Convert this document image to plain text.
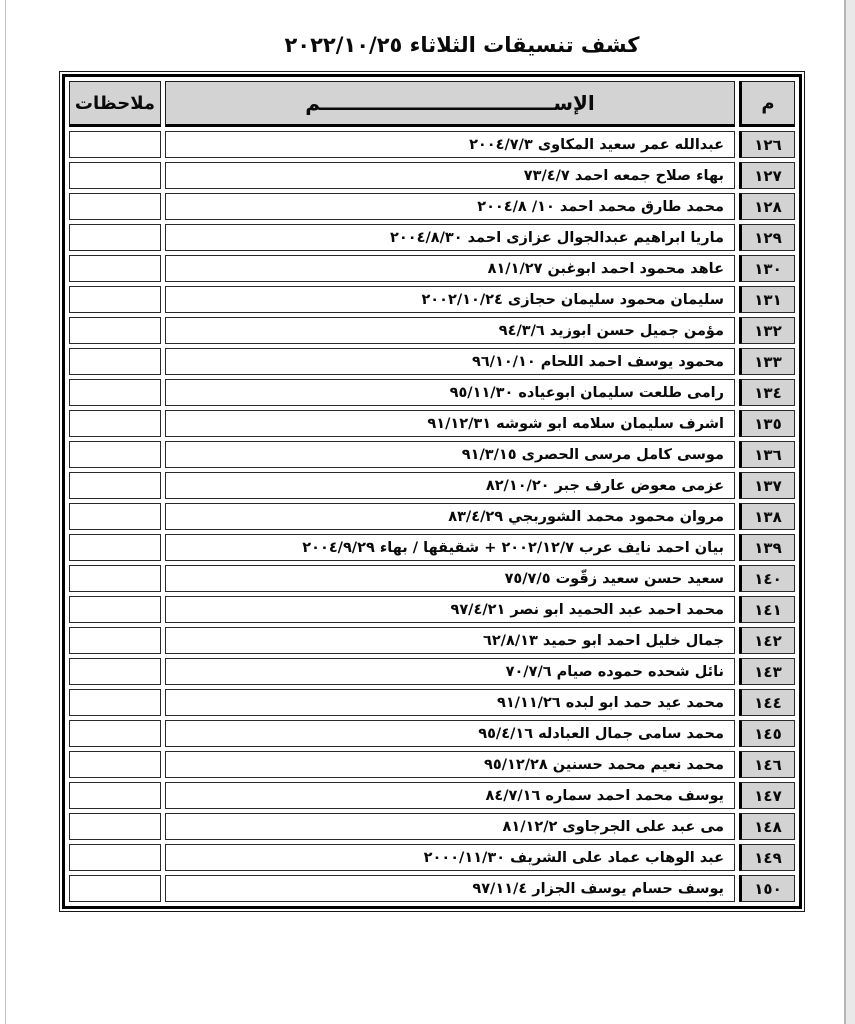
كشف تنسيقات الثلاثاء ٢٠٢٢/١٠/٢٥
م	الإســــــــــــــــــــــــــــــــــم	ملاحظات
١٢٦	عبدالله عمر سعيد المكاوى ٢٠٠٤/٧/٣	
١٢٧	بهاء صلاح جمعه احمد ٧٣/٤/٧	
١٢٨	محمد طارق محمد احمد ١٠/ ٢٠٠٤/٨	
١٢٩	ماريا ابراهيم عبدالجوال عزازى احمد ٢٠٠٤/٨/٣٠	
١٣٠	عاهد محمود احمد ابوغبن ٨١/١/٢٧	
١٣١	سليمان محمود سليمان حجازى ٢٠٠٢/١٠/٢٤	
١٣٢	مؤمن جميل حسن ابوزيد ٩٤/٣/٦	
١٣٣	محمود يوسف احمد اللحام ٩٦/١٠/١٠	
١٣٤	رامى طلعت سليمان ابوعياده ٩٥/١١/٣٠	
١٣٥	اشرف سليمان سلامه ابو شوشه ٩١/١٢/٣١	
١٣٦	موسى كامل مرسى الحصرى ٩١/٣/١٥	
١٣٧	عزمى معوض عارف جبر ٨٢/١٠/٢٠	
١٣٨	مروان محمود محمد الشوربجي ٨٣/٤/٢٩	
١٣٩	بيان احمد نايف عرب ٢٠٠٢/١٢/٧ + شقيقها / بهاء ٢٠٠٤/٩/٢٩	
١٤٠	سعيد حسن سعيد زقّوت ٧٥/٧/٥	
١٤١	محمد احمد عبد الحميد ابو نصر ٩٧/٤/٢١	
١٤٢	جمال خليل احمد ابو حميد ٦٢/٨/١٣	
١٤٣	نائل شحده حموده صيام ٧٠/٧/٦	
١٤٤	محمد عيد حمد ابو لبده ٩١/١١/٢٦	
١٤٥	محمد سامى جمال العبادله ٩٥/٤/١٦	
١٤٦	محمد نعيم محمد حسنين ٩٥/١٢/٢٨	
١٤٧	يوسف محمد احمد سماره ٨٤/٧/١٦	
١٤٨	مى عبد على الجرجاوى ٨١/١٢/٢	
١٤٩	عبد الوهاب عماد على الشريف ٢٠٠٠/١١/٣٠	
١٥٠	يوسف حسام يوسف الجزار ٩٧/١١/٤	
